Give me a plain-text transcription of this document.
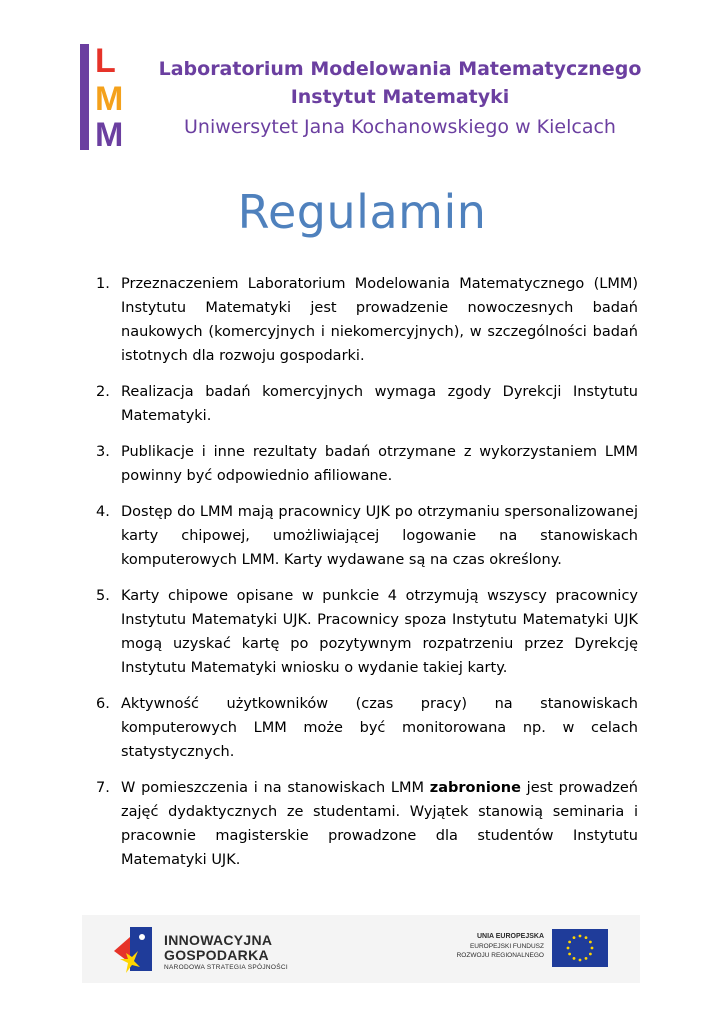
L
M
M
Laboratorium Modelowania Matematycznego
Instytut Matematyki
Uniwersytet Jana Kochanowskiego w Kielcach
Regulamin
1. Przeznaczeniem Laboratorium Modelowania Matematycznego (LMM) Instytutu Matematyki jest prowadzenie nowoczesnych badań naukowych (komercyjnych i niekomercyjnych), w szczególności badań istotnych dla rozwoju gospodarki.
2. Realizacja badań komercyjnych wymaga zgody Dyrekcji Instytutu Matematyki.
3. Publikacje i inne rezultaty badań otrzymane z wykorzystaniem LMM powinny być odpowiednio afiliowane.
4. Dostęp do LMM mają pracownicy UJK po otrzymaniu spersonalizowanej karty chipowej, umożliwiającej logowanie na stanowiskach komputerowych LMM. Karty wydawane są na czas określony.
5. Karty chipowe opisane w punkcie 4 otrzymują wszyscy pracownicy Instytutu Matematyki UJK. Pracownicy spoza Instytutu Matematyki UJK mogą uzyskać kartę po pozytywnym rozpatrzeniu przez Dyrekcję Instytutu Matematyki wniosku o wydanie takiej karty.
6. Aktywność użytkowników (czas pracy) na stanowiskach komputerowych LMM może być monitorowana np. w celach statystycznych.
7. W pomieszczenia i na stanowiskach LMM zabronione jest prowadzeń zajęć dydaktycznych ze studentami. Wyjątek stanowią seminaria i pracownie magisterskie prowadzone dla studentów Instytutu Matematyki UJK.
INNOWACYJNA
GOSPODARKA
NARODOWA STRATEGIA SPÓJNOŚCI
UNIA EUROPEJSKA
EUROPEJSKI FUNDUSZ
ROZWOJU REGIONALNEGO
